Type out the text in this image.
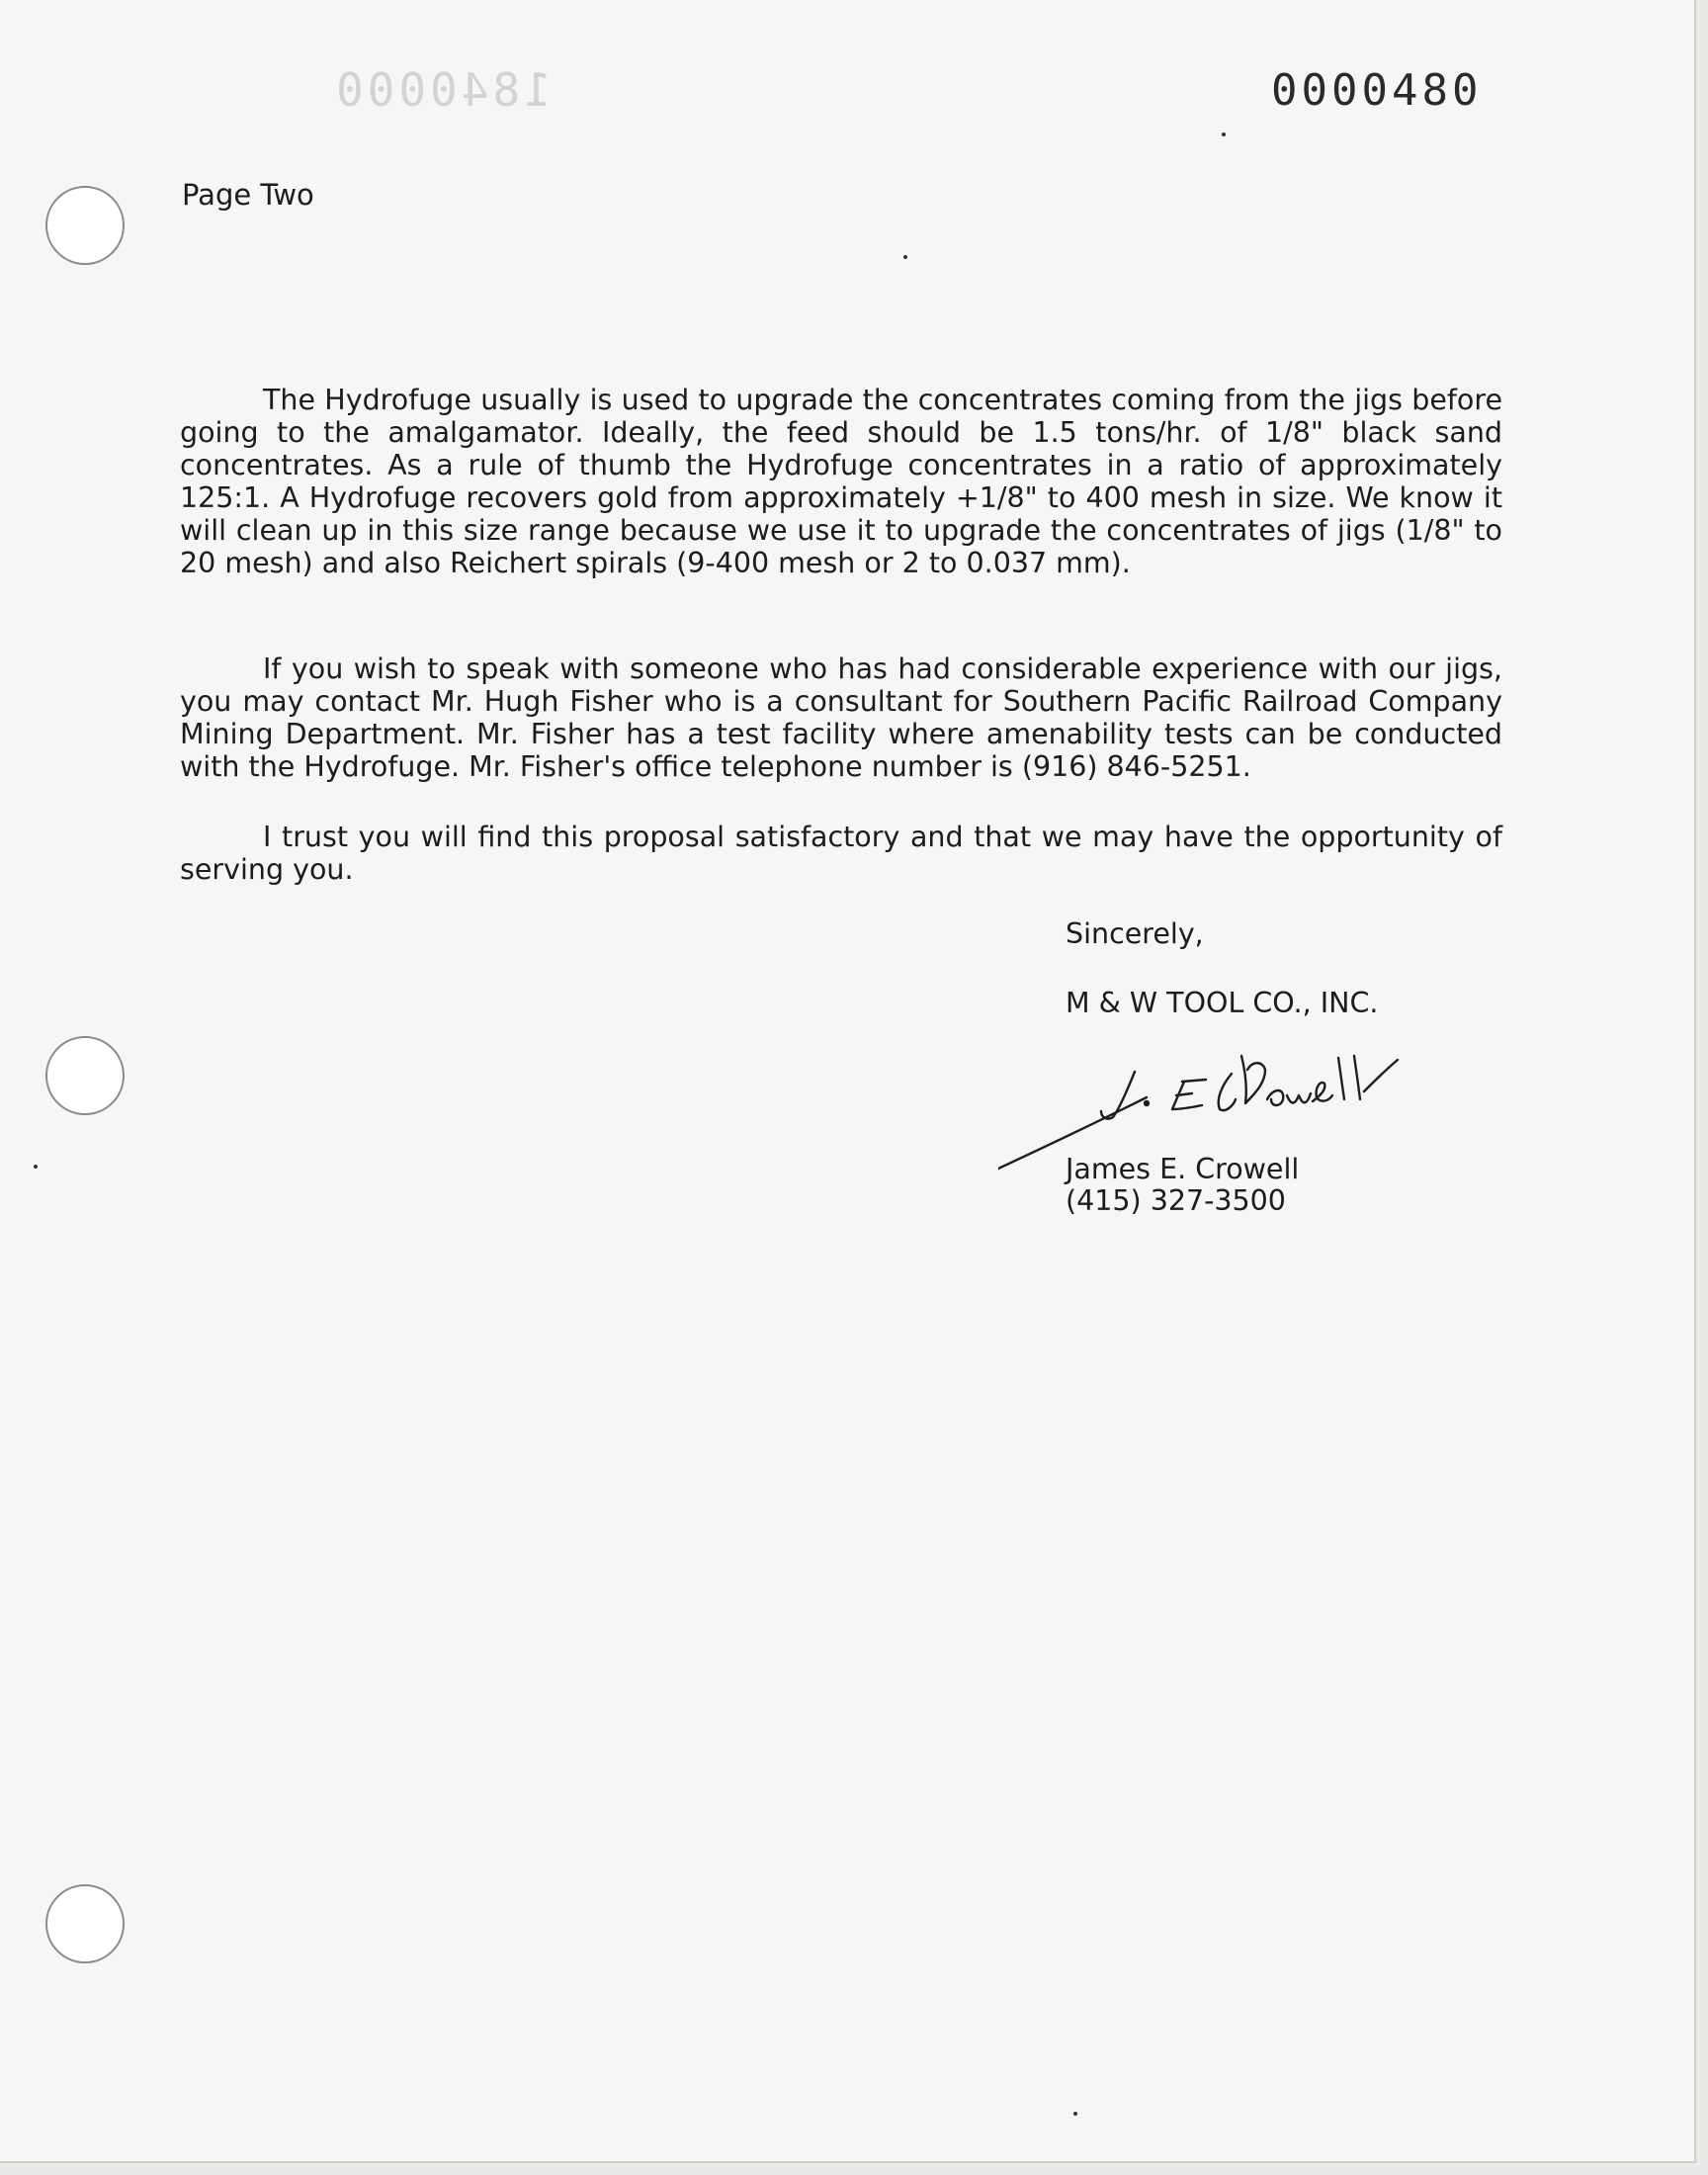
1840000	0000480
Page Two

The Hydrofuge usually is used to upgrade the concentrates coming from the jigs before going to the amalgamator. Ideally, the feed should be 1.5 tons/hr. of 1/8" black sand concentrates. As a rule of thumb the Hydrofuge concentrates in a ratio of approximately 125:1. A Hydrofuge recovers gold from approximately +1/8" to 400 mesh in size. We know it will clean up in this size range because we use it to upgrade the concentrates of jigs (1/8" to 20 mesh) and also Reichert spirals (9-400 mesh or 2 to 0.037 mm).

If you wish to speak with someone who has had considerable experience with our jigs, you may contact Mr. Hugh Fisher who is a consultant for Southern Pacific Railroad Company Mining Department. Mr. Fisher has a test facility where amenability tests can be conducted with the Hydrofuge. Mr. Fisher's office telephone number is (916) 846-5251.

I trust you will find this proposal satisfactory and that we may have the opportunity of serving you.

Sincerely,
M & W TOOL CO., INC.
James E. Crowell
(415) 327-3500
